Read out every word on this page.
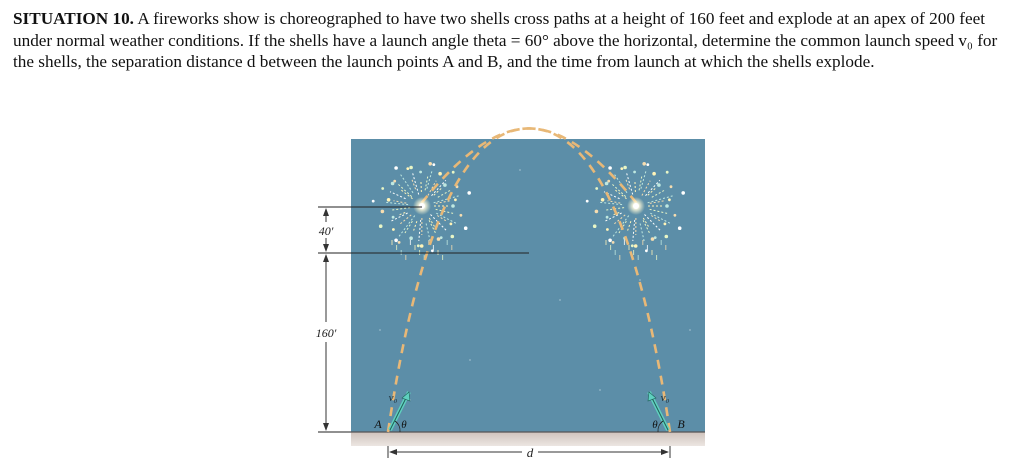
SITUATION 10. A fireworks show is choreographed to have two shells cross paths at a height of 160 feet and explode at an apex of 200 feet under normal weather conditions. If the shells have a launch angle theta = 60° above the horizontal, determine the common launch speed v₀ for the shells, the separation distance d between the launch points A and B, and the time from launch at which the shells explode.

40′
160′
d
A	B
θ	θ
v₀	v₀
